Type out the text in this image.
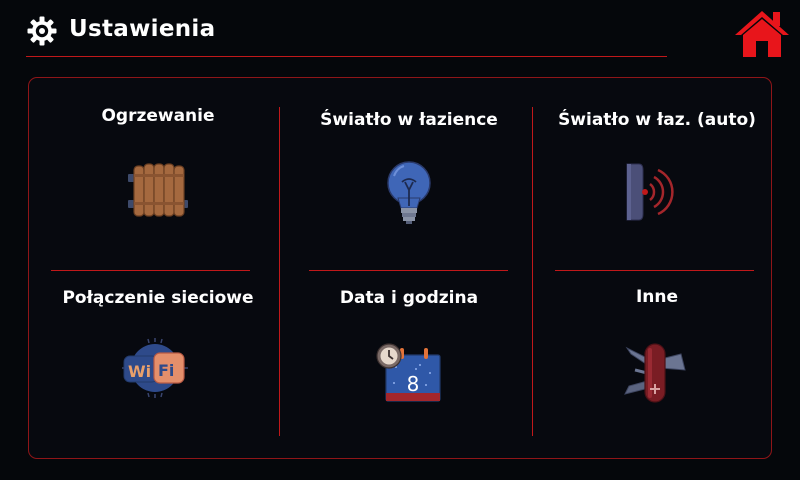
Ustawienia
Ogrzewanie	Światło w łazience	Światło w łaz. (auto)
Połączenie sieciowe
Wi Fi
Data i godzina
8
Inne
